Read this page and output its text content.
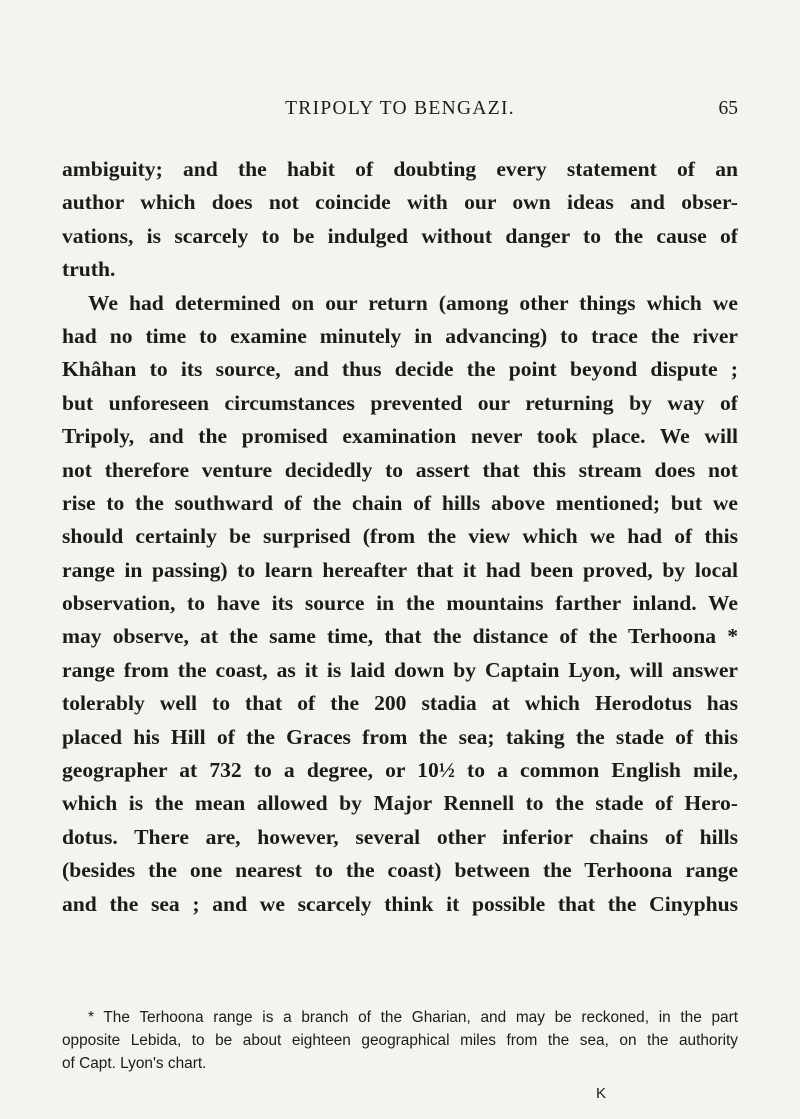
TRIPOLY TO BENGAZI.	65
ambiguity; and the habit of doubting every statement of an
author which does not coincide with our own ideas and obser-
vations, is scarcely to be indulged without danger to the cause of
truth.
We had determined on our return (among other things which we
had no time to examine minutely in advancing) to trace the river
Khâhan to its source, and thus decide the point beyond dispute ;
but unforeseen circumstances prevented our returning by way of
Tripoly, and the promised examination never took place. We will
not therefore venture decidedly to assert that this stream does not
rise to the southward of the chain of hills above mentioned; but we
should certainly be surprised (from the view which we had of this
range in passing) to learn hereafter that it had been proved, by local
observation, to have its source in the mountains farther inland. We
may observe, at the same time, that the distance of the Terhoona *
range from the coast, as it is laid down by Captain Lyon, will answer
tolerably well to that of the 200 stadia at which Herodotus has
placed his Hill of the Graces from the sea; taking the stade of this
geographer at 732 to a degree, or 10½ to a common English mile,
which is the mean allowed by Major Rennell to the stade of Hero-
dotus. There are, however, several other inferior chains of hills
(besides the one nearest to the coast) between the Terhoona range
and the sea ; and we scarcely think it possible that the Cinyphus
* The Terhoona range is a branch of the Gharian, and may be reckoned, in the part
opposite Lebida, to be about eighteen geographical miles from the sea, on the authority
of Capt. Lyon's chart.
K
